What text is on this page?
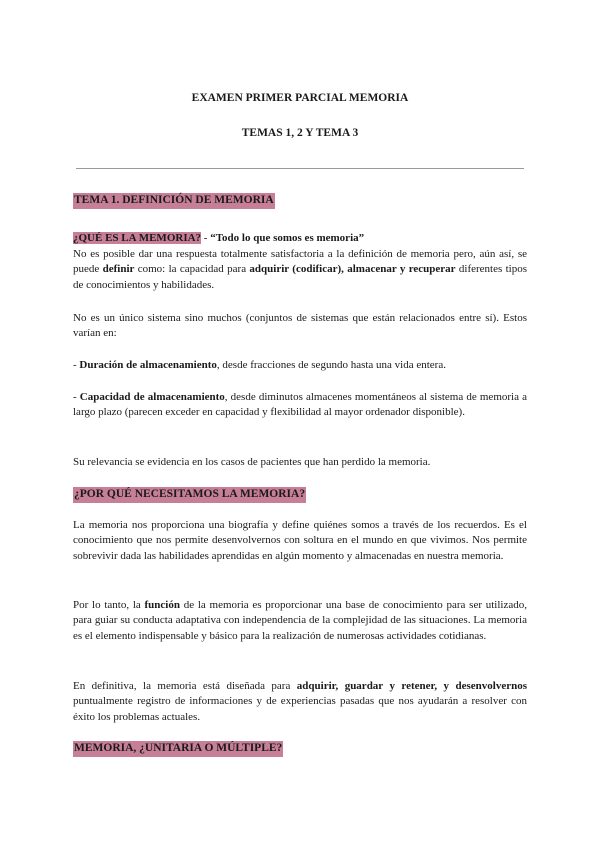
EXAMEN PRIMER PARCIAL MEMORIA
TEMAS 1, 2 Y TEMA 3
TEMA 1. DEFINICIÓN DE MEMORIA

¿QUÉ ES LA MEMORIA? - “Todo lo que somos es memoria”

No es posible dar una respuesta totalmente satisfactoria a la definición de memoria pero, aún así, se puede definir como: la capacidad para adquirir (codificar), almacenar y recuperar diferentes tipos de conocimientos y habilidades.

No es un único sistema sino muchos (conjuntos de sistemas que están relacionados entre sí). Estos varían en:

- Duración de almacenamiento, desde fracciones de segundo hasta una vida entera.

- Capacidad de almacenamiento, desde diminutos almacenes momentáneos al sistema de memoria a largo plazo (parecen exceder en capacidad y flexibilidad al mayor ordenador disponible).

Su relevancia se evidencia en los casos de pacientes que han perdido la memoria.

¿POR QUÉ NECESITAMOS LA MEMORIA?

La memoria nos proporciona una biografía y define quiénes somos a través de los recuerdos. Es el conocimiento que nos permite desenvolvernos con soltura en el mundo en que vivimos. Nos permite sobrevivir dada las habilidades aprendidas en algún momento y almacenadas en nuestra memoria.

Por lo tanto, la función de la memoria es proporcionar una base de conocimiento para ser utilizado, para guiar su conducta adaptativa con independencia de la complejidad de las situaciones. La memoria es el elemento indispensable y básico para la realización de numerosas actividades cotidianas.

En definitiva, la memoria está diseñada para adquirir, guardar y retener, y desenvolvernos puntualmente registro de informaciones y de experiencias pasadas que nos ayudarán a resolver con éxito los problemas actuales.

MEMORIA, ¿UNITARIA O MÚLTIPLE?
